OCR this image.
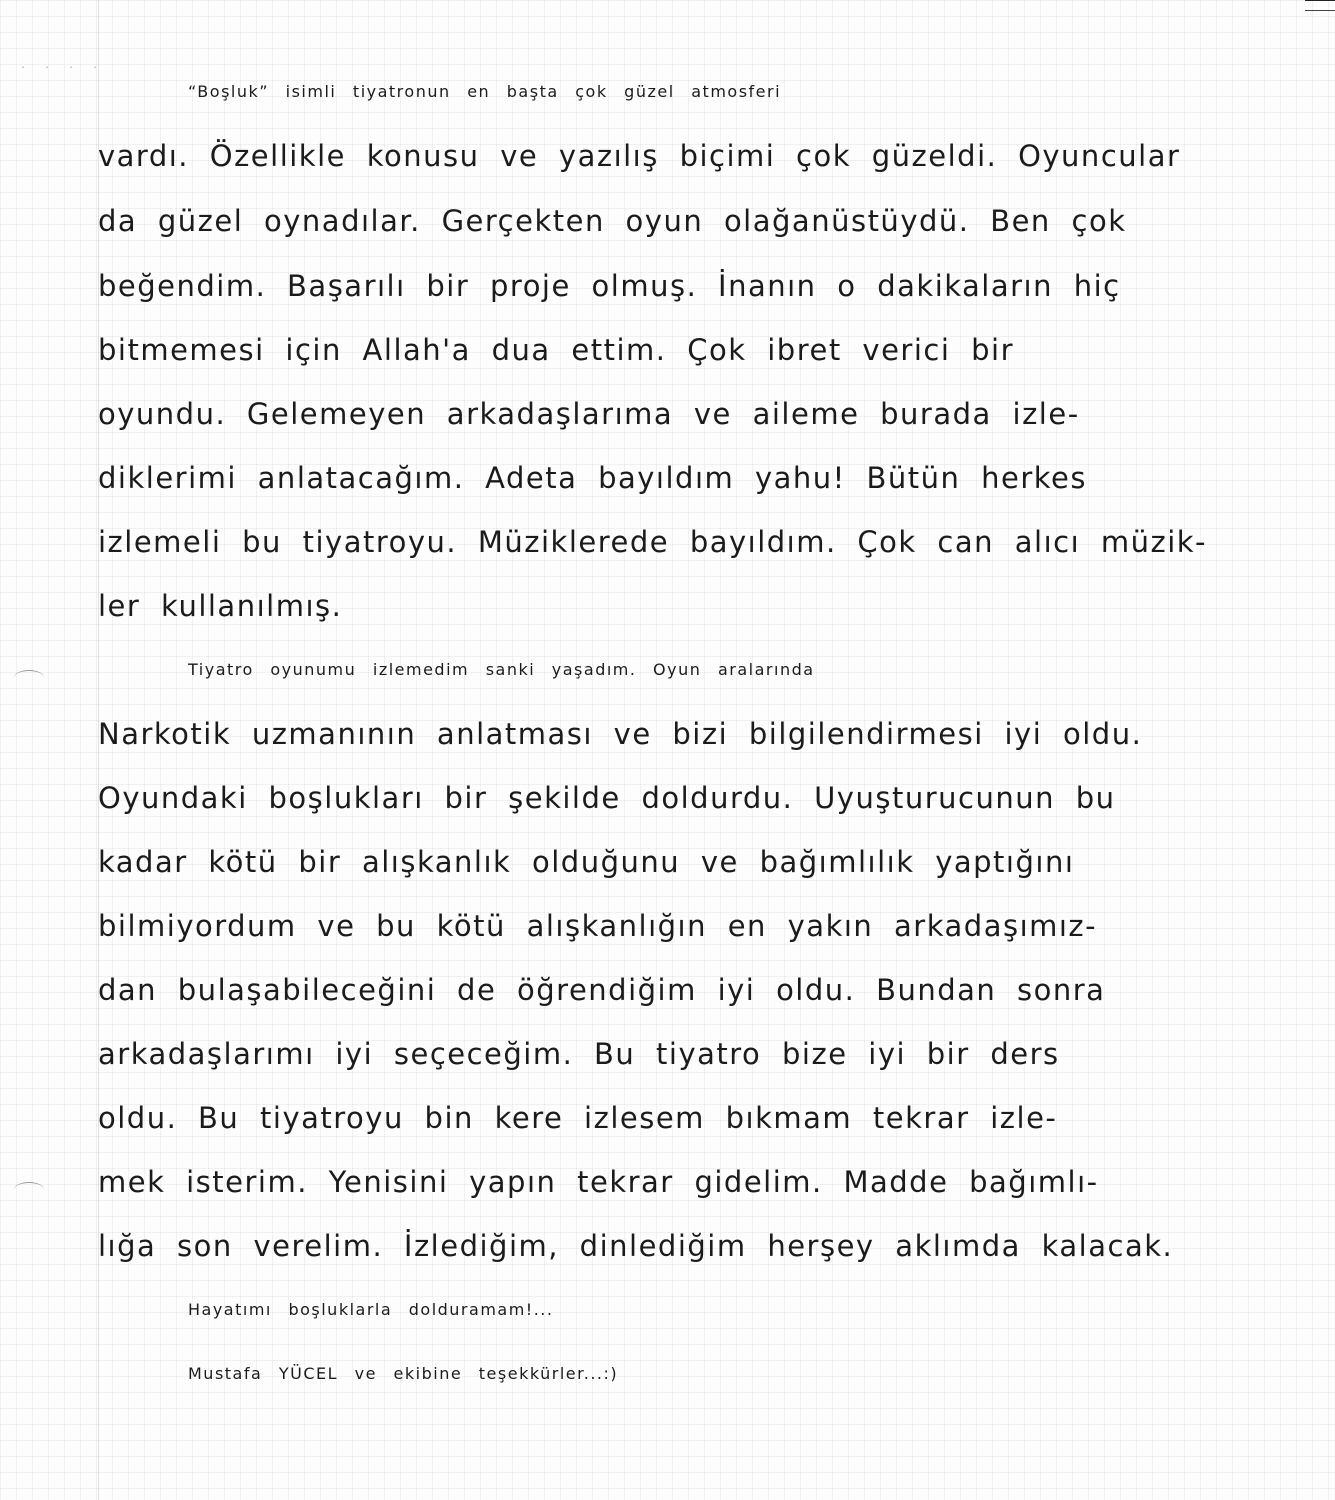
. . . .
“Boşluk” isimli tiyatronun en başta çok güzel atmosferi
vardı. Özellikle konusu ve yazılış biçimi çok güzeldi. Oyuncular
da güzel oynadılar. Gerçekten oyun olağanüstüydü. Ben çok
beğendim. Başarılı bir proje olmuş. İnanın o dakikaların hiç
bitmemesi için Allah'a dua ettim. Çok ibret verici bir
oyundu. Gelemeyen arkadaşlarıma ve aileme burada izle-
diklerimi anlatacağım. Adeta bayıldım yahu! Bütün herkes
izlemeli bu tiyatroyu. Müziklerede bayıldım. Çok can alıcı müzik-
ler kullanılmış.
Tiyatro oyunumu izlemedim sanki yaşadım. Oyun aralarında
Narkotik uzmanının anlatması ve bizi bilgilendirmesi iyi oldu.
Oyundaki boşlukları bir şekilde doldurdu. Uyuşturucunun bu
kadar kötü bir alışkanlık olduğunu ve bağımlılık yaptığını
bilmiyordum ve bu kötü alışkanlığın en yakın arkadaşımız-
dan bulaşabileceğini de öğrendiğim iyi oldu. Bundan sonra
arkadaşlarımı iyi seçeceğim. Bu tiyatro bize iyi bir ders
oldu. Bu tiyatroyu bin kere izlesem bıkmam tekrar izle-
mek isterim. Yenisini yapın tekrar gidelim. Madde bağımlı-
lığa son verelim. İzlediğim, dinlediğim herşey aklımda kalacak.
Hayatımı boşluklarla dolduramam!...
Mustafa YÜCEL ve ekibine teşekkürler...:)
